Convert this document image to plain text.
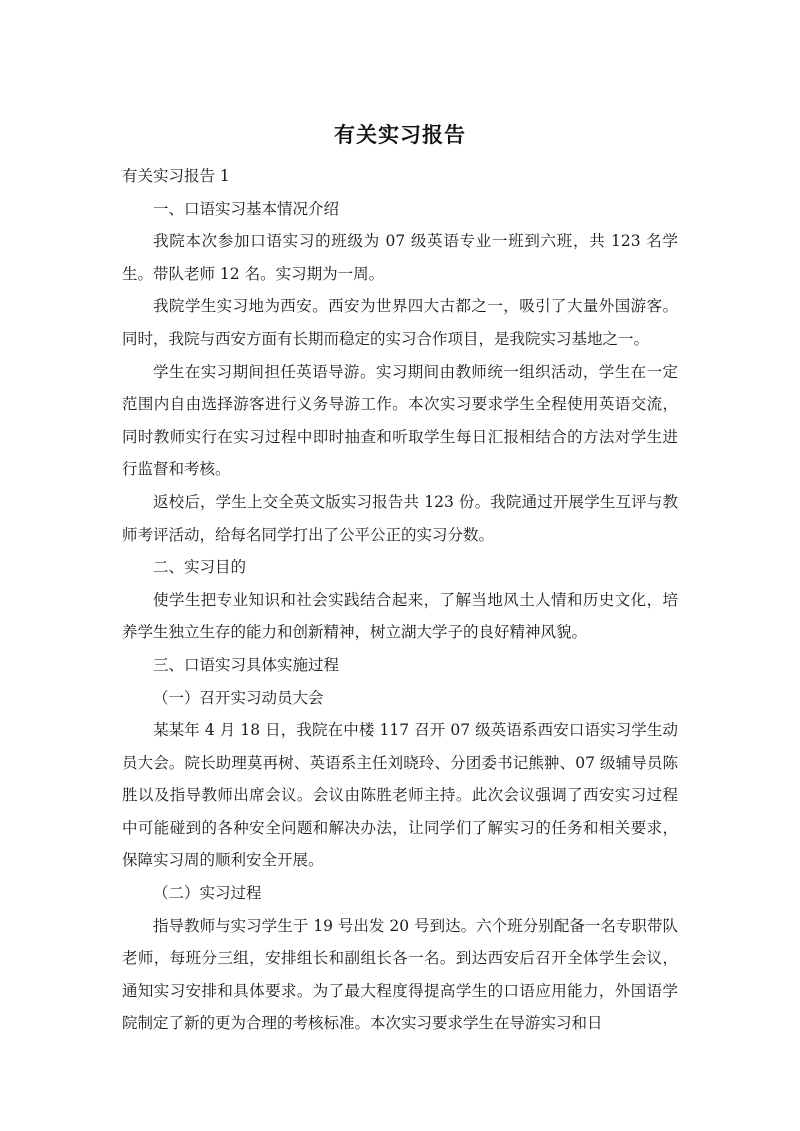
有关实习报告

有关实习报告 1

一、口语实习基本情况介绍

我院本次参加口语实习的班级为 07 级英语专业一班到六班，共 123 名学生。带队老师 12 名。实习期为一周。

我院学生实习地为西安。西安为世界四大古都之一，吸引了大量外国游客。同时，我院与西安方面有长期而稳定的实习合作项目，是我院实习基地之一。

学生在实习期间担任英语导游。实习期间由教师统一组织活动，学生在一定范围内自由选择游客进行义务导游工作。本次实习要求学生全程使用英语交流，同时教师实行在实习过程中即时抽查和听取学生每日汇报相结合的方法对学生进行监督和考核。

返校后，学生上交全英文版实习报告共 123 份。我院通过开展学生互评与教师考评活动，给每名同学打出了公平公正的实习分数。

二、实习目的

使学生把专业知识和社会实践结合起来，了解当地风土人情和历史文化，培养学生独立生存的能力和创新精神，树立湖大学子的良好精神风貌。

三、口语实习具体实施过程

（一）召开实习动员大会

某某年 4 月 18 日，我院在中楼 117 召开 07 级英语系西安口语实习学生动员大会。院长助理莫再树、英语系主任刘晓玲、分团委书记熊翀、07 级辅导员陈胜以及指导教师出席会议。会议由陈胜老师主持。此次会议强调了西安实习过程中可能碰到的各种安全问题和解决办法，让同学们了解实习的任务和相关要求，保障实习周的顺利安全开展。

（二）实习过程

指导教师与实习学生于 19 号出发 20 号到达。六个班分别配备一名专职带队老师，每班分三组，安排组长和副组长各一名。到达西安后召开全体学生会议，通知实习安排和具体要求。为了最大程度得提高学生的口语应用能力，外国语学院制定了新的更为合理的考核标准。本次实习要求学生在导游实习和日
